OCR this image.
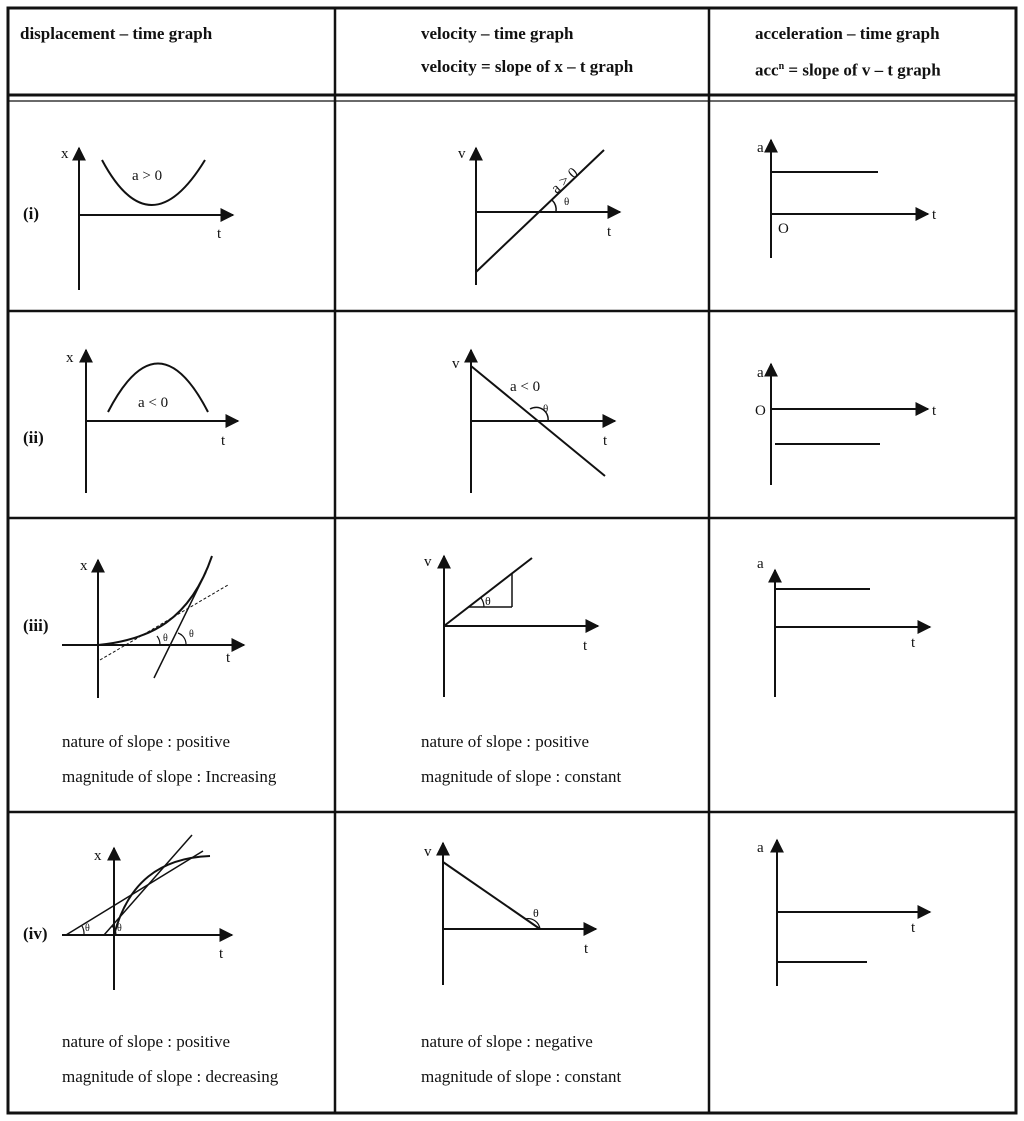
x
t
a > 0
v
t
θ
a > 0
a
t
O
x
t
a < 0
v
t
θ
a < 0
a
t
O
x
t
θ θ
v
t
θ
a
t
x
t
θ	θ
v
t
θ
a
t
displacement – time graph	velocity – time graph
velocity = slope of x – t graph
acceleration – time graph
acc$^n$ = slope of v – t graph
(i)
(ii)
(iii)
(iv)
nature of slope : positive
magnitude of slope : Increasing
nature of slope : positive
magnitude of slope : constant
nature of slope : positive
magnitude of slope : decreasing
nature of slope : negative
magnitude of slope : constant
